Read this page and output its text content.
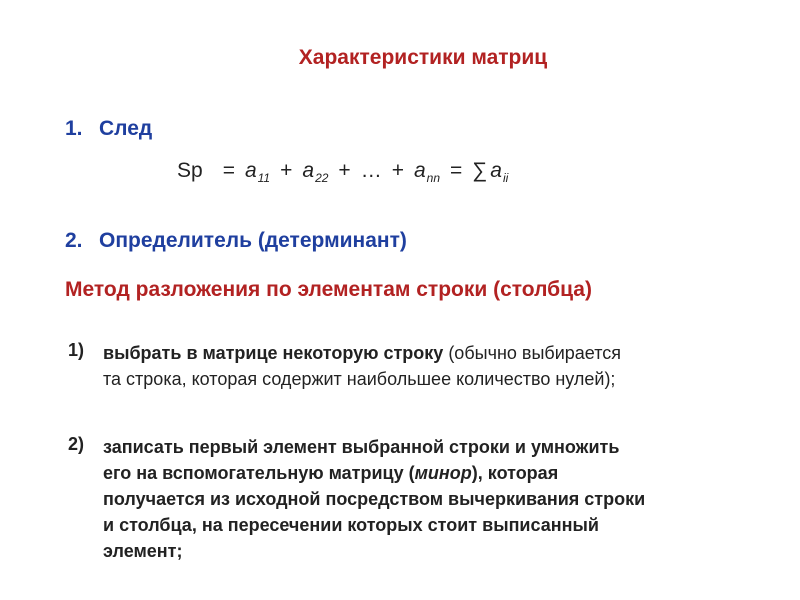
Характеристики матриц
1. След
$Sp = a_{11} + a_{22}$ + … + $a_{nn}$ = ∑ $a_{ii}$
2. Определитель (детерминант)
Метод разложения по элементам строки (столбца)
1) выбрать в матрице некоторую строку (обычно выбирается
та строка, которая содержит наибольшее количество нулей);
2) записать первый элемент выбранной строки и умножить
его на вспомогательную матрицу (минор), которая
получается из исходной посредством вычеркивания строки
и столбца, на пересечении которых стоит выписанный
элемент;
